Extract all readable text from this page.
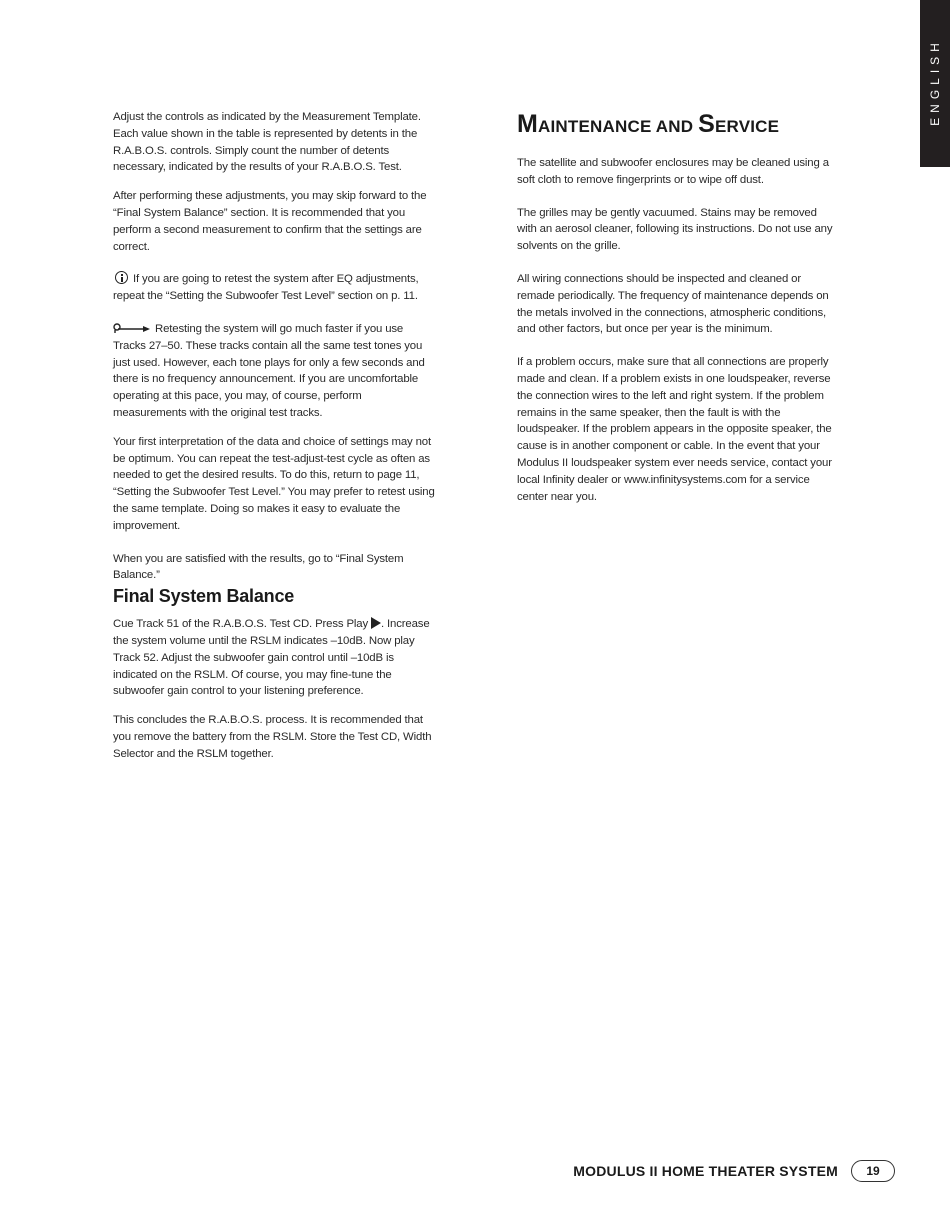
ENGLISH

Adjust the controls as indicated by the Measurement Template. Each value shown in the table is represented by detents in the R.A.B.O.S. controls. Simply count the number of detents necessary, indicated by the results of your R.A.B.O.S. Test.

After performing these adjustments, you may skip forward to the “Final System Balance” section. It is recommended that you perform a second measurement to confirm that the settings are correct.

If you are going to retest the system after EQ adjustments, repeat the “Setting the Subwoofer Test Level” section on p. 11.

Retesting the system will go much faster if you use Tracks 27–50. These tracks contain all the same test tones you just used. However, each tone plays for only a few seconds and there is no frequency announcement. If you are uncomfortable operating at this pace, you may, of course, perform measurements with the original test tracks.

Your first interpretation of the data and choice of settings may not be optimum. You can repeat the test-adjust-test cycle as often as needed to get the desired results. To do this, return to page 11, “Setting the Subwoofer Test Level.” You may prefer to retest using the same template. Doing so makes it easy to evaluate the improvement.

When you are satisfied with the results, go to “Final System Balance.”

Final System Balance

Cue Track 51 of the R.A.B.O.S. Test CD. Press Play . Increase the system volume until the RSLM indicates –10dB. Now play Track 52. Adjust the subwoofer gain control until –10dB is indicated on the RSLM. Of course, you may fine-tune the subwoofer gain control to your listening preference.

This concludes the R.A.B.O.S. process. It is recommended that you remove the battery from the RSLM. Store the Test CD, Width Selector and the RSLM together.

MAINTENANCE AND SERVICE

The satellite and subwoofer enclosures may be cleaned using a soft cloth to remove fingerprints or to wipe off dust.

The grilles may be gently vacuumed. Stains may be removed with an aerosol cleaner, following its instructions. Do not use any solvents on the grille.

All wiring connections should be inspected and cleaned or remade periodically. The frequency of maintenance depends on the metals involved in the connections, atmospheric conditions, and other factors, but once per year is the minimum.

If a problem occurs, make sure that all connections are properly made and clean. If a problem exists in one loudspeaker, reverse the connection wires to the left and right system. If the problem remains in the same speaker, then the fault is with the loudspeaker. If the problem appears in the opposite speaker, the cause is in another component or cable. In the event that your Modulus II loudspeaker system ever needs service, contact your local Infinity dealer or www.infinitysystems.com for a service center near you.

MODULUS II HOME THEATER SYSTEM	19
